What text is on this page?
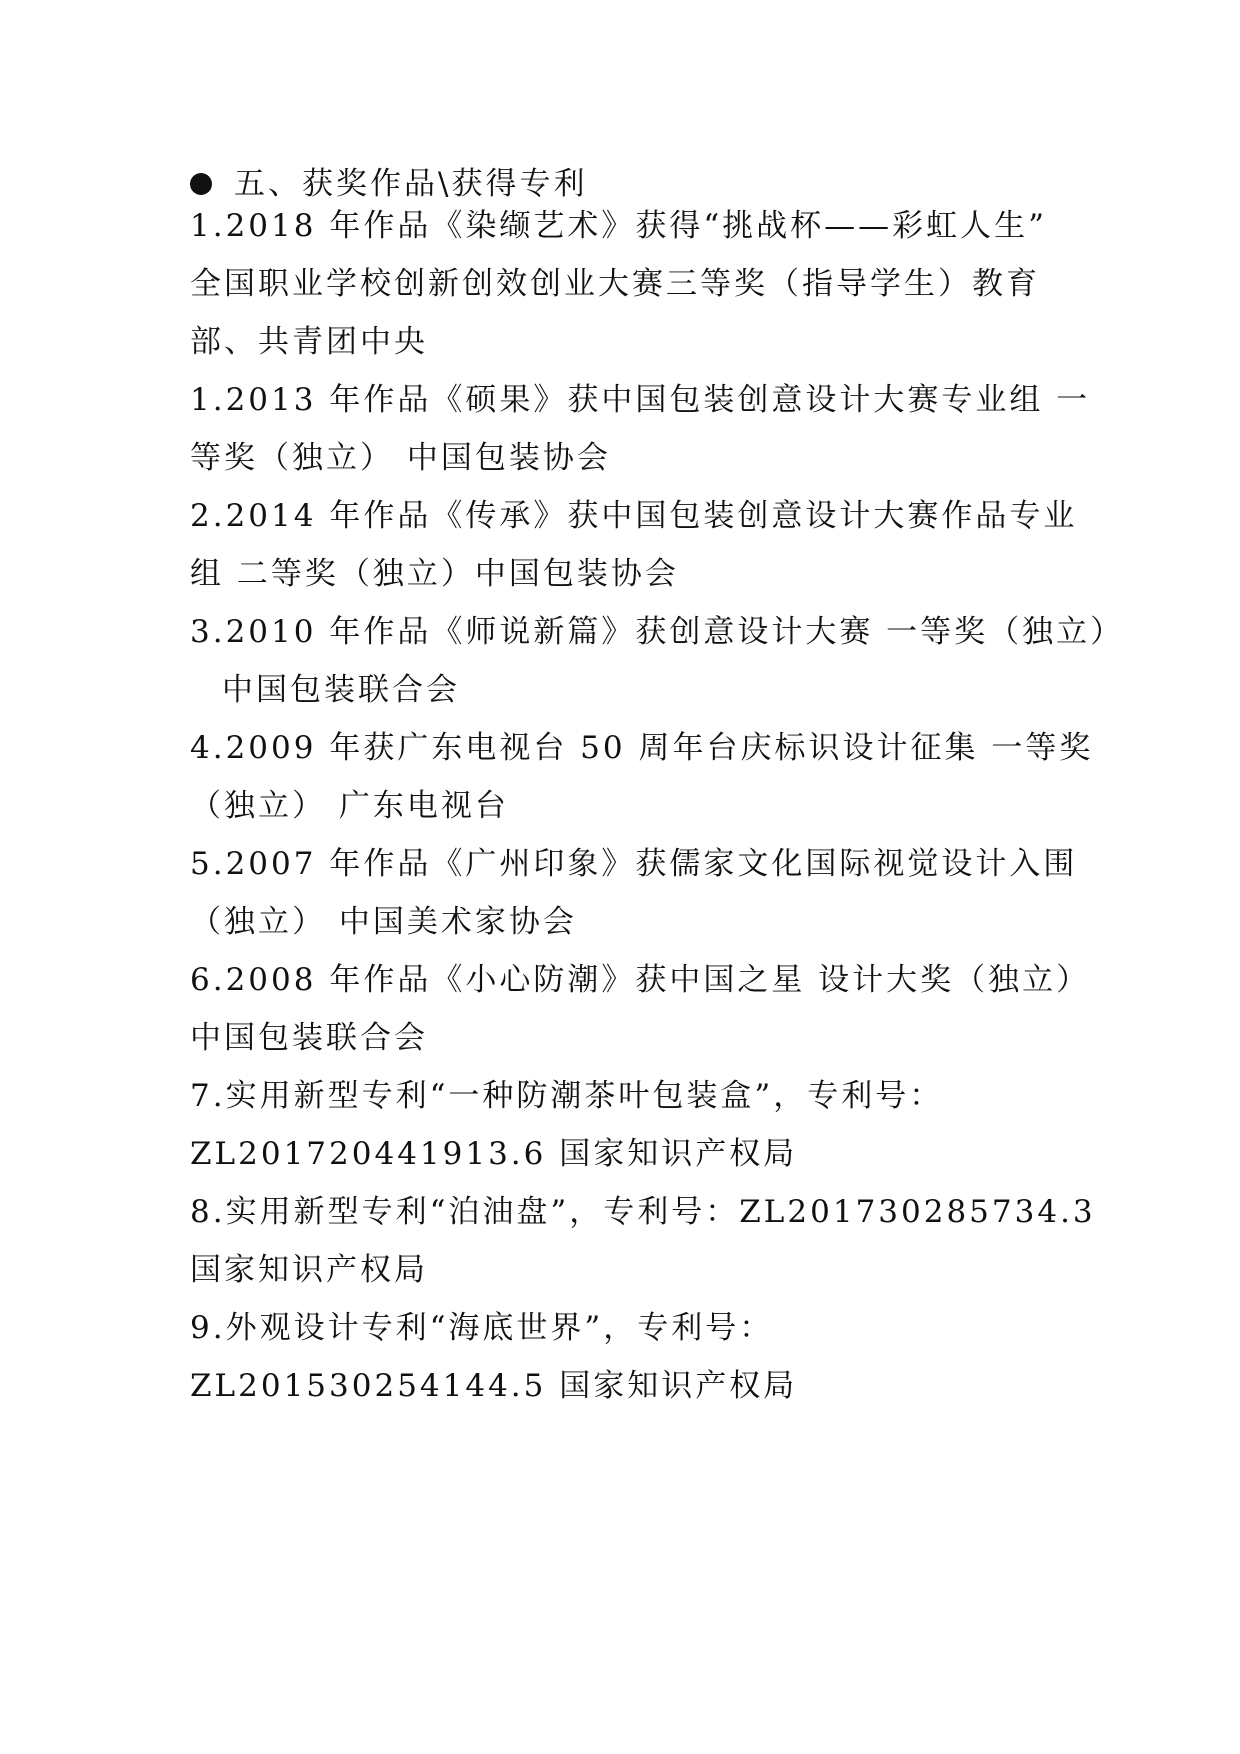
五、获奖作品\获得专利
1.2018 年作品《染缬艺术》获得“挑战杯——彩虹人生”
全国职业学校创新创效创业大赛三等奖（指导学生）教育
部、共青团中央
1.2013 年作品《硕果》获中国包装创意设计大赛专业组 一
等奖（独立） 中国包装协会
2.2014 年作品《传承》获中国包装创意设计大赛作品专业
组 二等奖（独立）中国包装协会
3.2010 年作品《师说新篇》获创意设计大赛 一等奖（独立）
中国包装联合会
4.2009 年获广东电视台 50 周年台庆标识设计征集 一等奖
（独立） 广东电视台
5.2007 年作品《广州印象》获儒家文化国际视觉设计入围
（独立） 中国美术家协会
6.2008 年作品《小心防潮》获中国之星 设计大奖（独立）
中国包装联合会
7.实用新型专利“一种防潮茶叶包装盒”，专利号：
ZL201720441913.6 国家知识产权局
8.实用新型专利“泊油盘”，专利号：ZL201730285734.3
国家知识产权局
9.外观设计专利“海底世界”，专利号：
ZL201530254144.5 国家知识产权局
